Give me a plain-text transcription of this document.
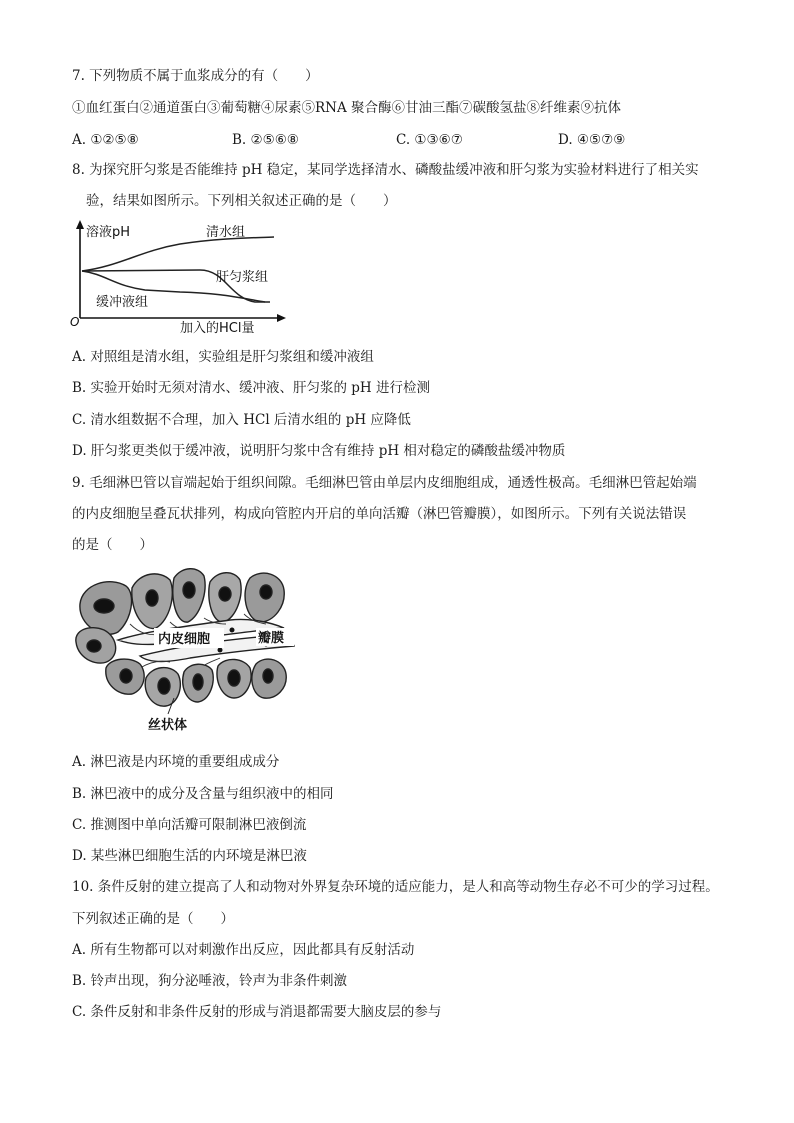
7. 下列物质不属于血浆成分的有（　　）
①血红蛋白②通道蛋白③葡萄糖④尿素⑤RNA 聚合酶⑥甘油三酯⑦碳酸氢盐⑧纤维素⑨抗体
A. ①②⑤⑧	B. ②⑤⑥⑧	C. ①③⑥⑦	D. ④⑤⑦⑨
8. 为探究肝匀浆是否能维持 pH 稳定，某同学选择清水、磷酸盐缓冲液和肝匀浆为实验材料进行了相关实
验，结果如图所示。下列相关叙述正确的是（　　）
溶液pH	清水组
肝匀浆组
缓冲液组
O	加入的HCl量
A. 对照组是清水组，实验组是肝匀浆组和缓冲液组
B. 实验开始时无须对清水、缓冲液、肝匀浆的 pH 进行检测
C. 清水组数据不合理，加入 HCl 后清水组的 pH 应降低
D. 肝匀浆更类似于缓冲液，说明肝匀浆中含有维持 pH 相对稳定的磷酸盐缓冲物质
9. 毛细淋巴管以盲端起始于组织间隙。毛细淋巴管由单层内皮细胞组成，通透性极高。毛细淋巴管起始端
的内皮细胞呈叠瓦状排列，构成向管腔内开启的单向活瓣（淋巴管瓣膜），如图所示。下列有关说法错误
的是（　　）
内皮细胞	瓣膜
丝状体
A. 淋巴液是内环境的重要组成成分
B. 淋巴液中的成分及含量与组织液中的相同
C. 推测图中单向活瓣可限制淋巴液倒流
D. 某些淋巴细胞生活的内环境是淋巴液
10. 条件反射的建立提高了人和动物对外界复杂环境的适应能力，是人和高等动物生存必不可少的学习过程。
下列叙述正确的是（　　）
A. 所有生物都可以对刺激作出反应，因此都具有反射活动
B. 铃声出现，狗分泌唾液，铃声为非条件刺激
C. 条件反射和非条件反射的形成与消退都需要大脑皮层的参与
